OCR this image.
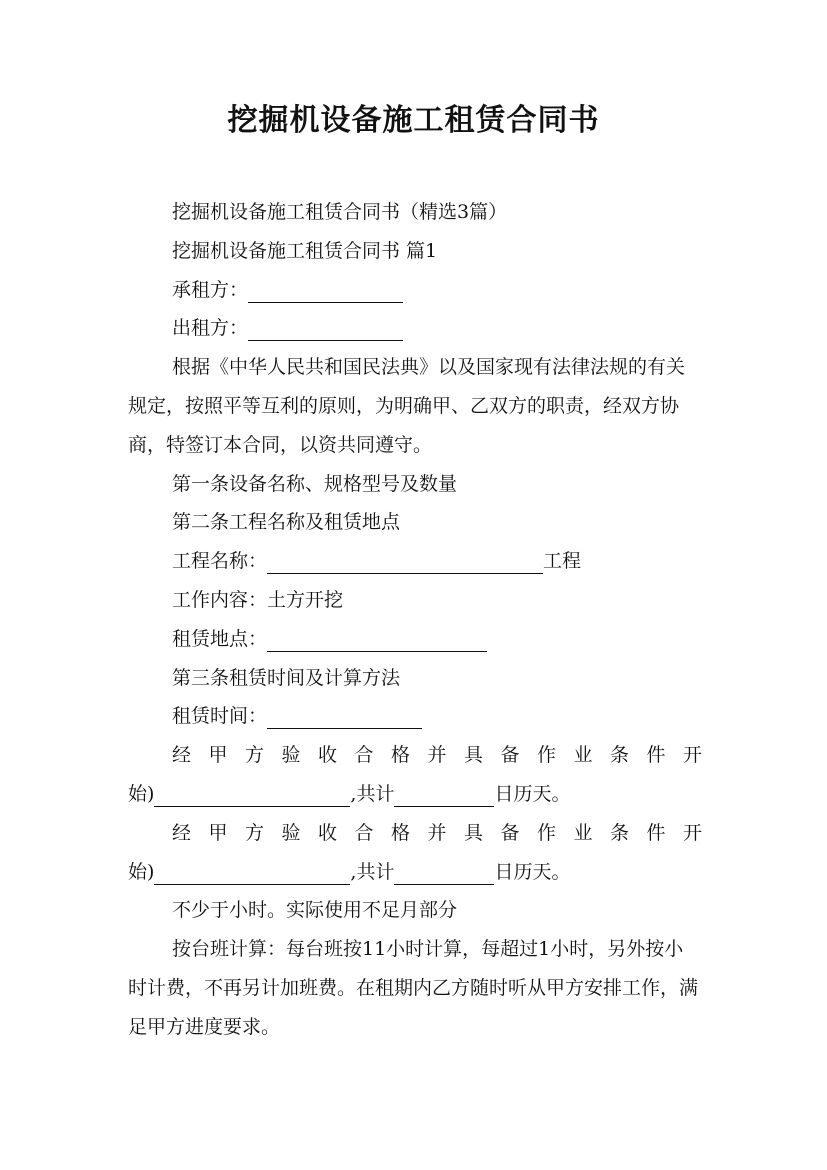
挖掘机设备施工租赁合同书

挖掘机设备施工租赁合同书（精选3篇）

挖掘机设备施工租赁合同书 篇1

承租方：

出租方：

根据《中华人民共和国民法典》以及国家现有法律法规的有关规定，按照平等互利的原则，为明确甲、乙双方的职责，经双方协商，特签订本合同，以资共同遵守。

第一条设备名称、规格型号及数量

第二条工程名称及租赁地点

工程名称：	工程

工作内容：土方开挖

租赁地点：

第三条租赁时间及计算方法

租赁时间：

经甲方验收合格并具备作业条件开

始)	,共计	日历天。

经甲方验收合格并具备作业条件开

始)	,共计	日历天。

不少于小时。实际使用不足月部分

按台班计算：每台班按11小时计算，每超过1小时，另外按小时计费，不再另计加班费。在租期内乙方随时听从甲方安排工作，满足甲方进度要求。
